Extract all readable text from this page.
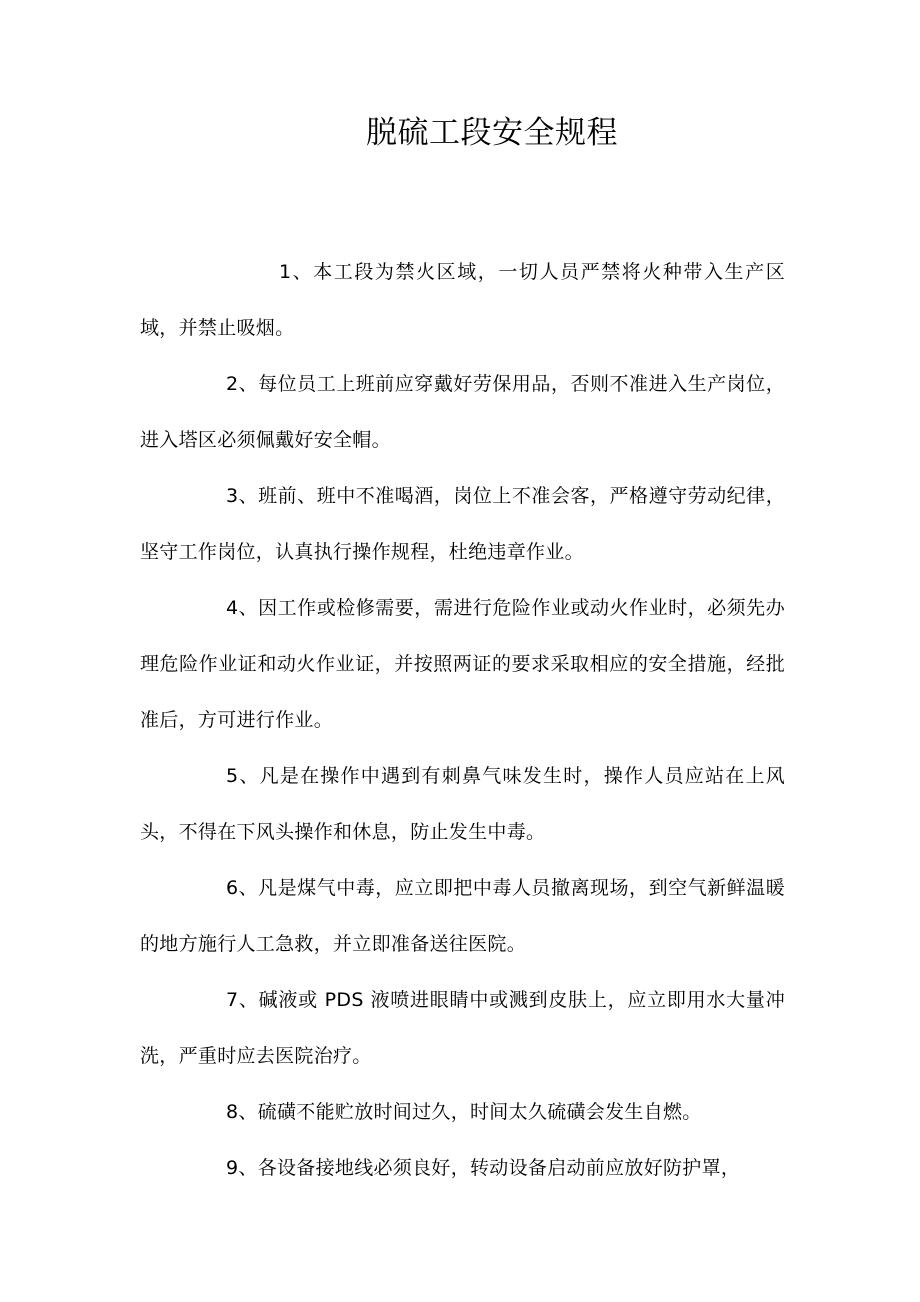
脱硫工段安全规程

1、本工段为禁火区域，一切人员严禁将火种带入生产区域，并禁止吸烟。

2、每位员工上班前应穿戴好劳保用品，否则不准进入生产岗位，进入塔区必须佩戴好安全帽。

3、班前、班中不准喝酒，岗位上不准会客，严格遵守劳动纪律，坚守工作岗位，认真执行操作规程，杜绝违章作业。

4、因工作或检修需要，需进行危险作业或动火作业时，必须先办理危险作业证和动火作业证，并按照两证的要求采取相应的安全措施，经批准后，方可进行作业。

5、凡是在操作中遇到有刺鼻气味发生时，操作人员应站在上风头，不得在下风头操作和休息，防止发生中毒。

6、凡是煤气中毒，应立即把中毒人员撤离现场，到空气新鲜温暖的地方施行人工急救，并立即准备送往医院。

7、碱液或 PDS 液喷进眼睛中或溅到皮肤上，应立即用水大量冲洗，严重时应去医院治疗。

8、硫磺不能贮放时间过久，时间太久硫磺会发生自燃。

9、各设备接地线必须良好，转动设备启动前应放好防护罩，
